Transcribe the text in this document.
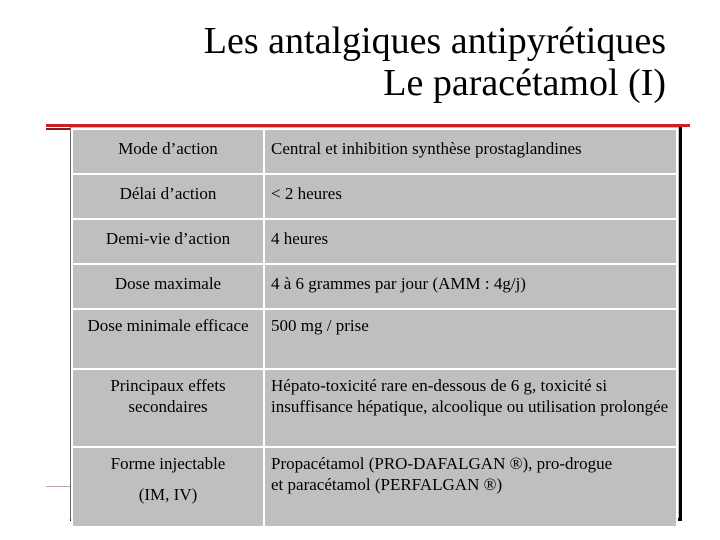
Les antalgiques antipyrétiques
Le paracétamol (I)
Mode d’action	Central et inhibition synthèse prostaglandines
Délai d’action	< 2 heures
Demi-vie d’action	4 heures
Dose maximale	4 à 6 grammes par jour (AMM : 4g/j)
Dose minimale efficace	500 mg / prise
Principaux effets secondaires	Hépato-toxicité rare en-dessous de 6 g, toxicité si insuffisance hépatique, alcoolique ou utilisation prolongée
Forme injectable
(IM, IV)	Propacétamol (PRO-DAFALGAN ®), pro-drogue
et paracétamol (PERFALGAN ®)
